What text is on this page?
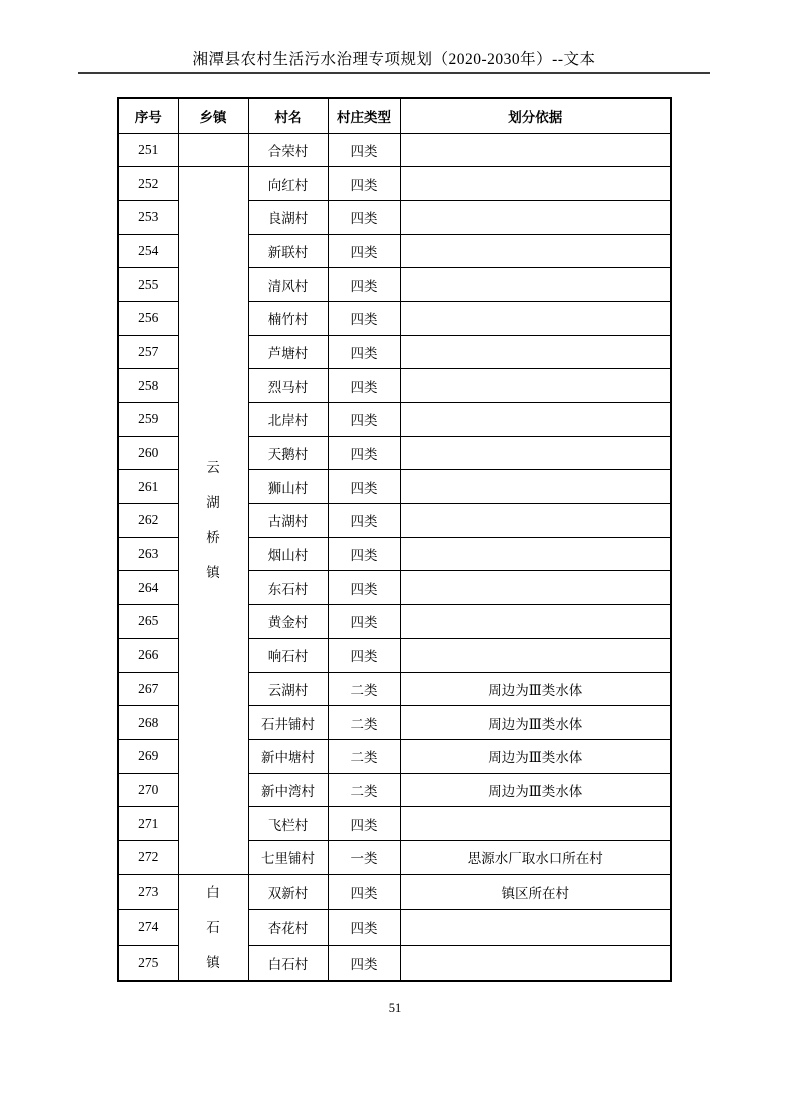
湘潭县农村生活污水治理专项规划（2020-2030年）--文本
序号	乡镇	村名	村庄类型	划分依据
251		合荣村	四类	
252	云湖桥镇	向红村	四类	
253		良湖村	四类	
254		新联村	四类	
255		清风村	四类	
256		楠竹村	四类	
257		芦塘村	四类	
258		烈马村	四类	
259		北岸村	四类	
260		天鹅村	四类	
261		狮山村	四类	
262		古湖村	四类	
263		烟山村	四类	
264		东石村	四类	
265		黄金村	四类	
266		响石村	四类	
267		云湖村	二类	周边为Ⅲ类水体
268		石井铺村	二类	周边为Ⅲ类水体
269		新中塘村	二类	周边为Ⅲ类水体
270		新中湾村	二类	周边为Ⅲ类水体
271		飞栏村	四类	
272		七里铺村	一类	思源水厂取水口所在村
273	白石镇	双新村	四类	镇区所在村
274		杏花村	四类	
275		白石村	四类	
51
